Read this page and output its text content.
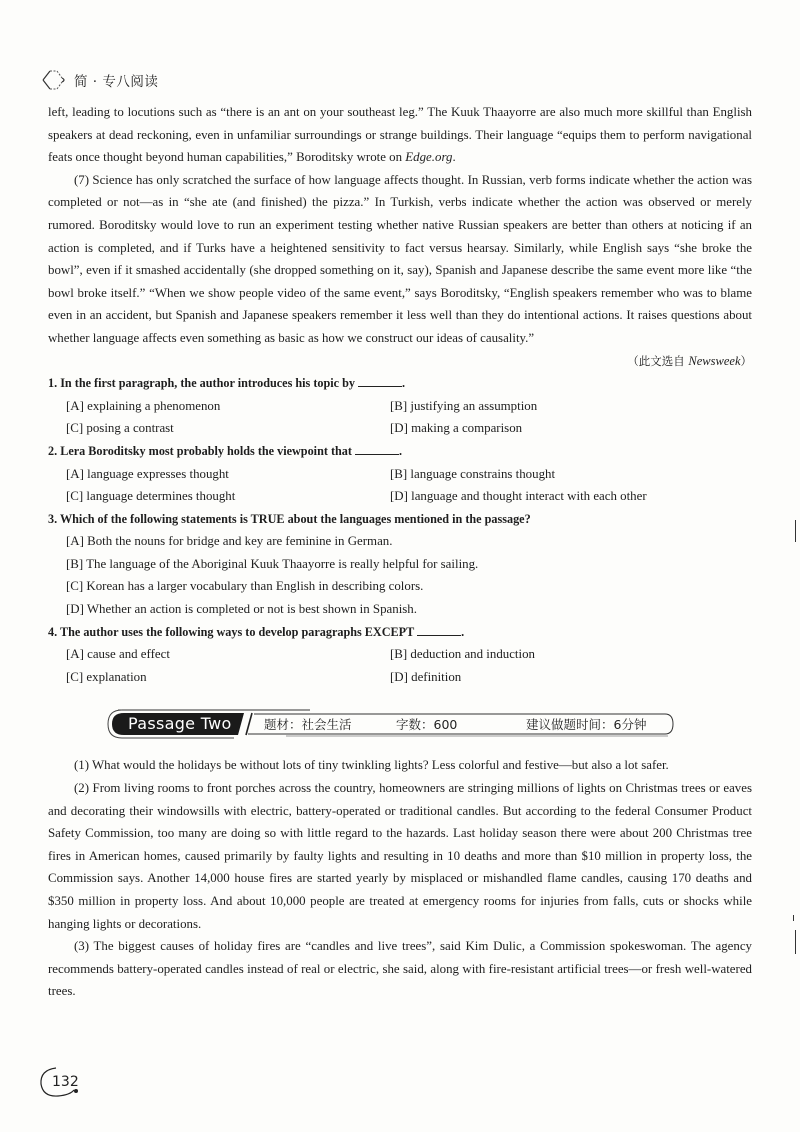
简 · 专八阅读

left, leading to locutions such as “there is an ant on your southeast leg.” The Kuuk Thaayorre are also much more skillful than English speakers at dead reckoning, even in unfamiliar surroundings or strange buildings. Their language “equips them to perform navigational feats once thought beyond human capabilities,” Boroditsky wrote on Edge.org.

(7) Science has only scratched the surface of how language affects thought. In Russian, verb forms indicate whether the action was completed or not—as in “she ate (and finished) the pizza.” In Turkish, verbs indicate whether the action was observed or merely rumored. Boroditsky would love to run an experiment testing whether native Russian speakers are better than others at noticing if an action is completed, and if Turks have a heightened sensitivity to fact versus hearsay. Similarly, while English says “she broke the bowl”, even if it smashed accidentally (she dropped something on it, say), Spanish and Japanese describe the same event more like “the bowl broke itself.” “When we show people video of the same event,” says Boroditsky, “English speakers remember who was to blame even in an accident, but Spanish and Japanese speakers remember it less well than they do intentional actions. It raises questions about whether language affects even something as basic as how we construct our ideas of causality.”

（此文选自 Newsweek）
1. In the first paragraph, the author introduces his topic by	.
[A] explaining a phenomenon	[B] justifying an assumption
[C] posing a contrast	[D] making a comparison
2. Lera Boroditsky most probably holds the viewpoint that	.
[A] language expresses thought	[B] language constrains thought
[C] language determines thought	[D] language and thought interact with each other
3. Which of the following statements is TRUE about the languages mentioned in the passage?
[A] Both the nouns for bridge and key are feminine in German.
[B] The language of the Aboriginal Kuuk Thaayorre is really helpful for sailing.
[C] Korean has a larger vocabulary than English in describing colors.
[D] Whether an action is completed or not is best shown in Spanish.
4. The author uses the following ways to develop paragraphs EXCEPT	.
[A] cause and effect	[B] deduction and induction
[C] explanation	[D] definition
Passage Two	题材：社会生活	字数：600	建议做题时间：6分钟

(1) What would the holidays be without lots of tiny twinkling lights? Less colorful and festive—but also a lot safer.

(2) From living rooms to front porches across the country, homeowners are stringing millions of lights on Christmas trees or eaves and decorating their windowsills with electric, battery-operated or traditional candles. But according to the federal Consumer Product Safety Commission, too many are doing so with little regard to the hazards. Last holiday season there were about 200 Christmas tree fires in American homes, caused primarily by faulty lights and resulting in 10 deaths and more than $10 million in property loss, the Commission says. Another 14,000 house fires are started yearly by misplaced or mishandled flame candles, causing 170 deaths and $350 million in property loss. And about 10,000 people are treated at emergency rooms for injuries from falls, cuts or shocks while hanging lights or decorations.

(3) The biggest causes of holiday fires are “candles and live trees”, said Kim Dulic, a Commission spokeswoman. The agency recommends battery-operated candles instead of real or electric, she said, along with fire-resistant artificial trees—or fresh well-watered trees.

132
